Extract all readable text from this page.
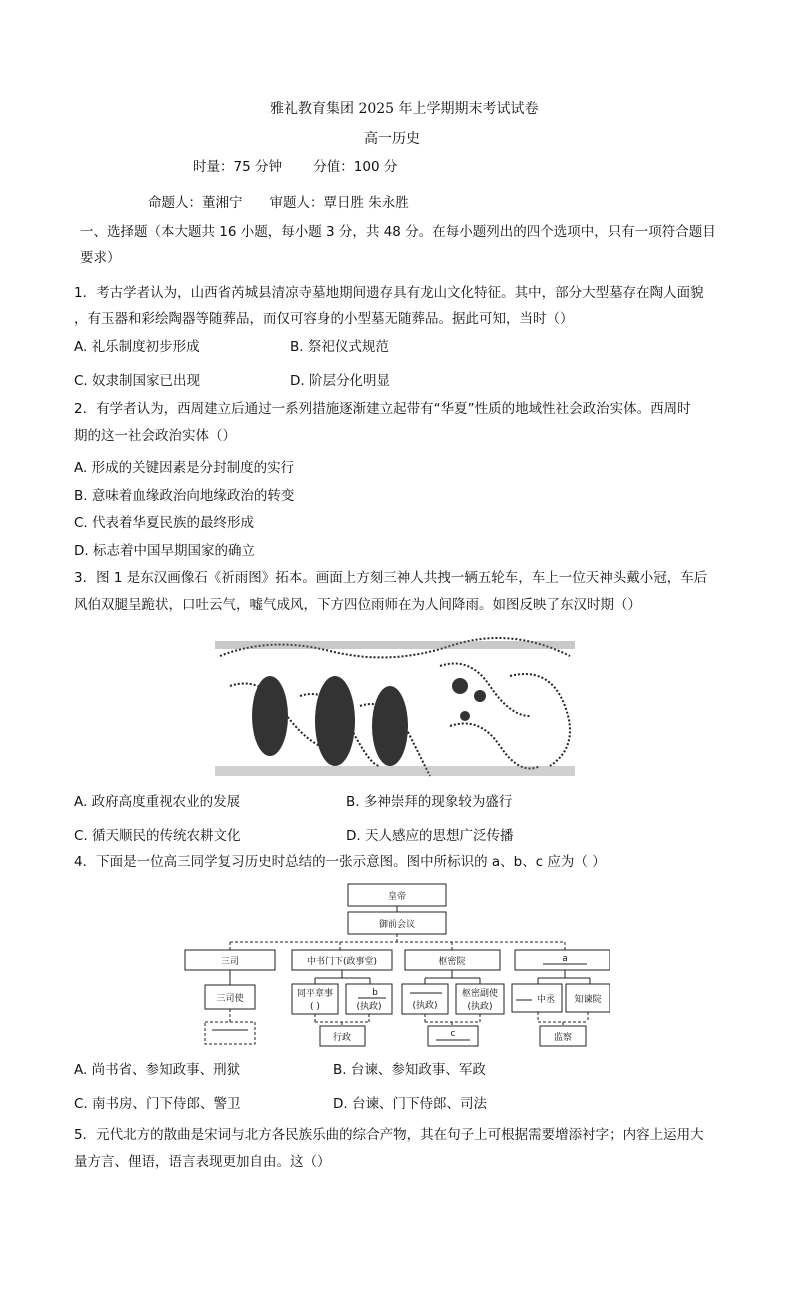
雅礼教育集团 2025 年上学期期末考试试卷
高一历史
时量：75 分钟　　 分值：100 分
命题人：董湘宁　　审题人：覃日胜 朱永胜
一、选择题（本大题共 16 小题，每小题 3 分，共 48 分。在每小题列出的四个选项中，只有一项符合题目
要求）
1．考古学者认为，山西省芮城县清凉寺墓地期间遗存具有龙山文化特征。其中，部分大型墓存在陶人面貌
，有玉器和彩绘陶器等随葬品，而仅可容身的小型墓无随葬品。据此可知，当时（）
A. 礼乐制度初步形成	B. 祭祀仪式规范
C. 奴隶制国家已出现	D. 阶层分化明显
2．有学者认为，西周建立后通过一系列措施逐渐建立起带有“华夏”性质的地域性社会政治实体。西周时
期的这一社会政治实体（）
A. 形成的关键因素是分封制度的实行
B. 意味着血缘政治向地缘政治的转变
C. 代表着华夏民族的最终形成
D. 标志着中国早期国家的确立
3．图 1 是东汉画像石《祈雨图》拓本。画面上方刻三神人共拽一辆五轮车，车上一位天神头戴小冠，车后
风伯双腿呈跪状，口吐云气，嘘气成风，下方四位雨师在为人间降雨。如图反映了东汉时期（）
A. 政府高度重视农业的发展	B. 多神崇拜的现象较为盛行
C. 循天顺民的传统农耕文化	D. 天人感应的思想广泛传播
4．下面是一位高三同学复习历史时总结的一张示意图。图中所标识的 a、b、c 应为（ ）
皇帝
御前会议
三司	中书门下(政事堂)	枢密院	a
三司使	同平章事
( )
b
(执政)	(执政)
枢密副使
(执政)
中丞 知谏院
行政	c	监察
A. 尚书省、参知政事、刑狱	B. 台谏、参知政事、军政
C. 南书房、门下侍郎、警卫	D. 台谏、门下侍郎、司法
5．元代北方的散曲是宋词与北方各民族乐曲的综合产物，其在句子上可根据需要增添衬字；内容上运用大
量方言、俚语，语言表现更加自由。这（）
